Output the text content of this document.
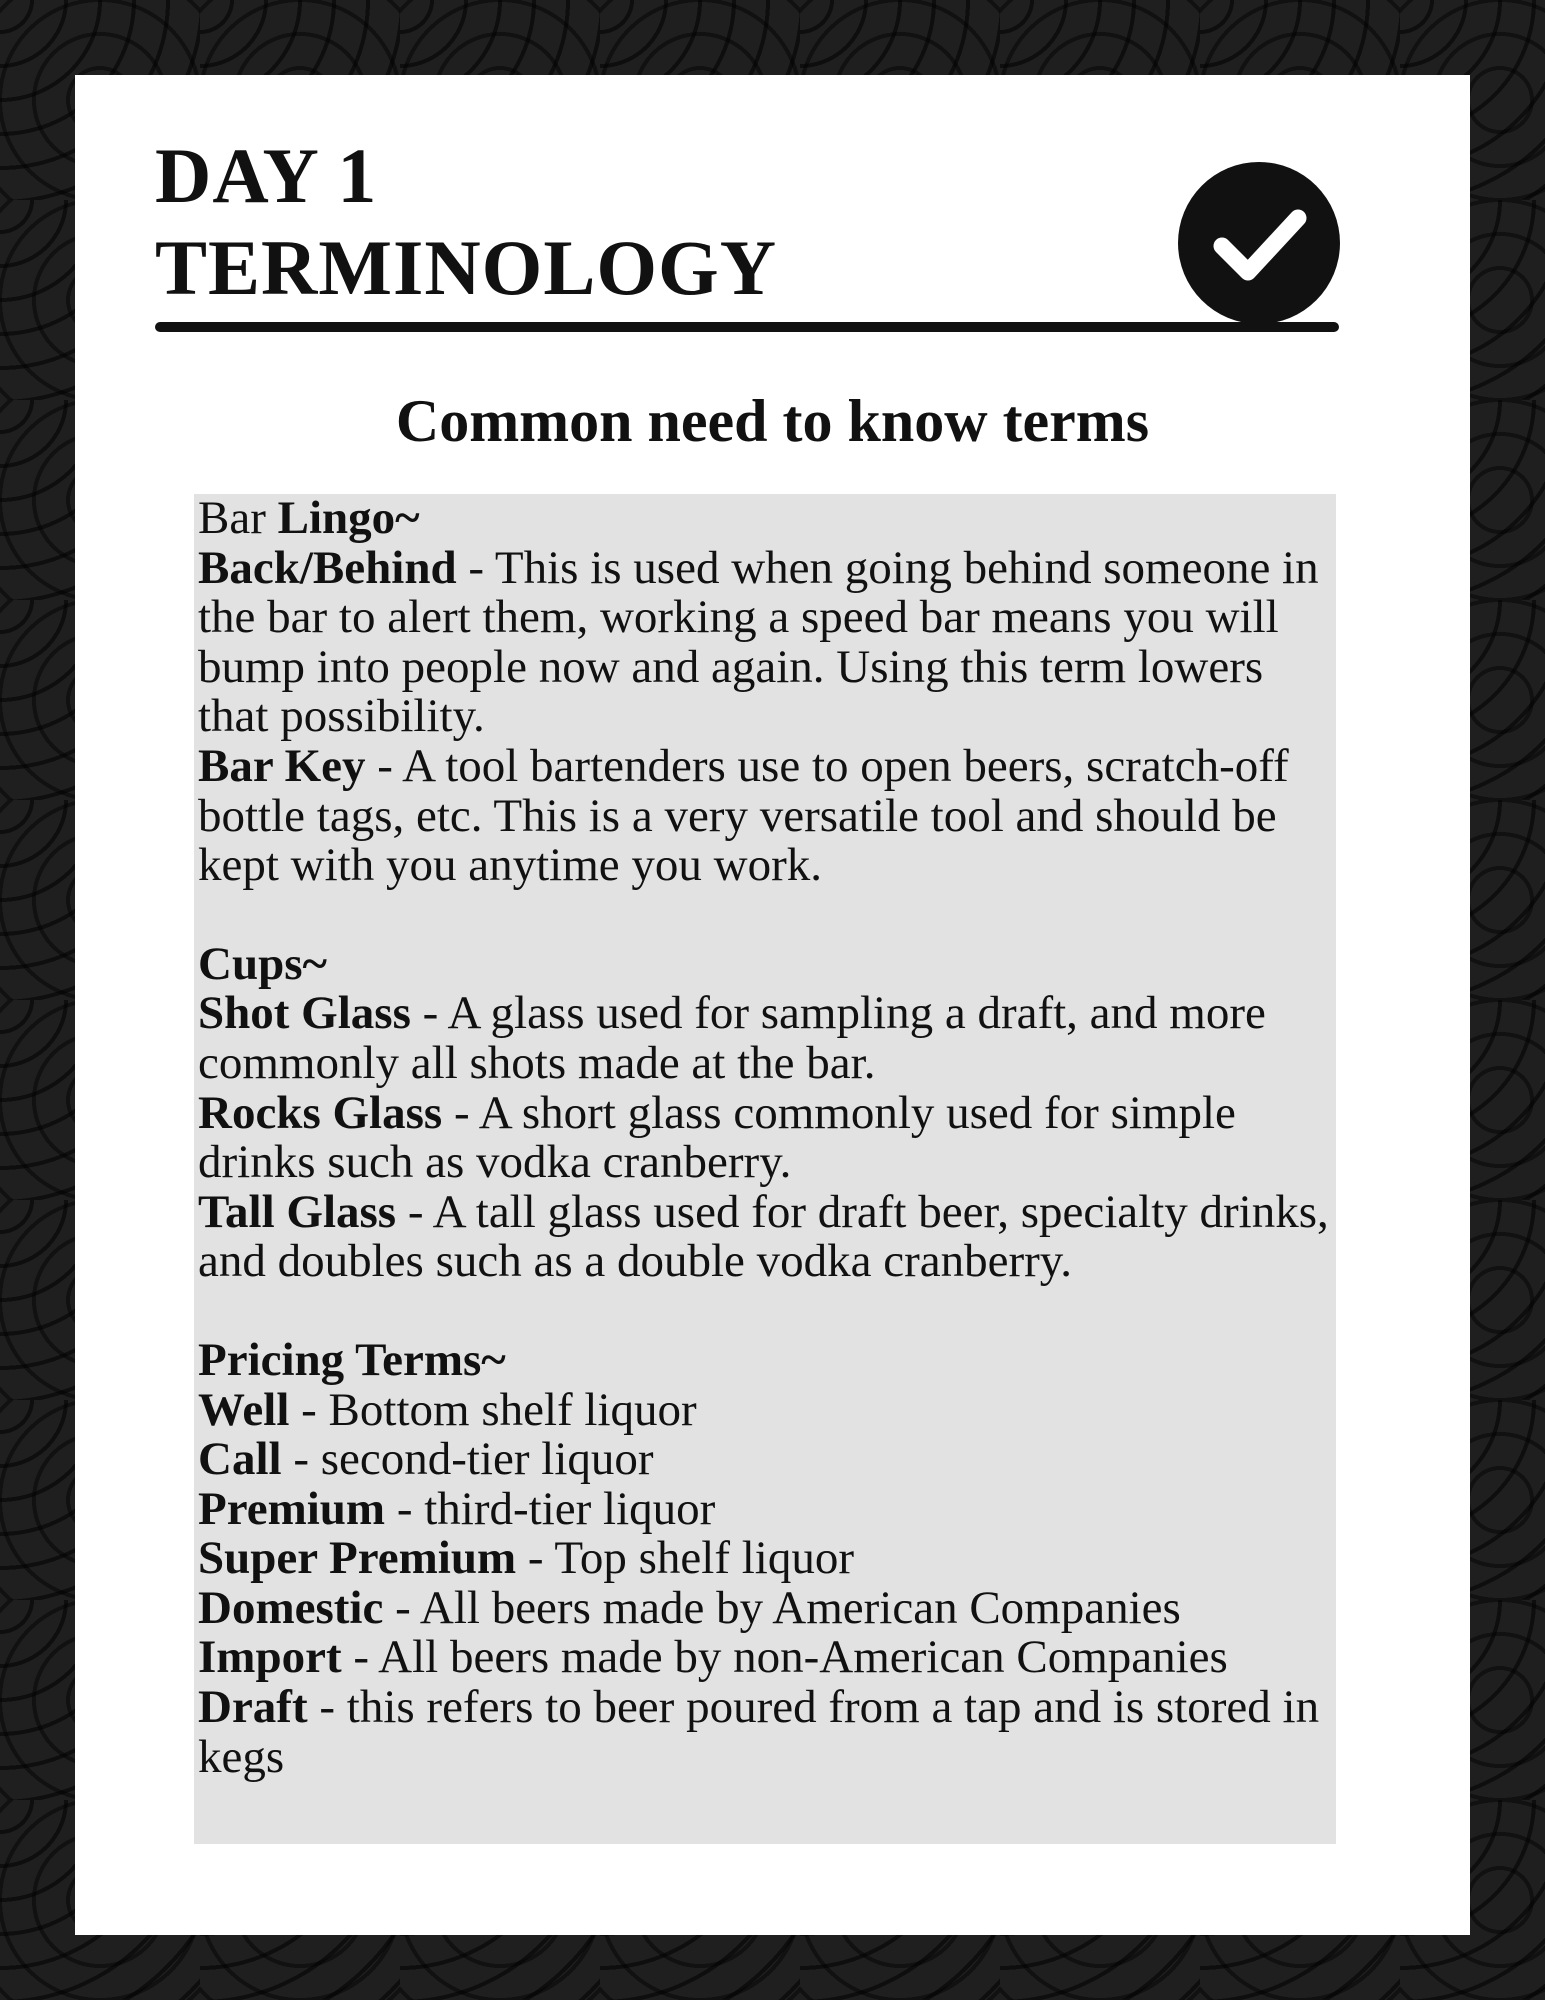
DAY 1
TERMINOLOGY
Common need to know terms
Bar Lingo~
Back/Behind - This is used when going behind someone in the bar to alert them, working a speed bar means you will bump into people now and again. Using this term lowers that possibility.
Bar Key - A tool bartenders use to open beers, scratch-off bottle tags, etc. This is a very versatile tool and should be kept with you anytime you work.
Cups~
Shot Glass - A glass used for sampling a draft, and more commonly all shots made at the bar.
Rocks Glass - A short glass commonly used for simple drinks such as vodka cranberry.
Tall Glass - A tall glass used for draft beer, specialty drinks, and doubles such as a double vodka cranberry.
Pricing Terms~
Well - Bottom shelf liquor
Call - second-tier liquor
Premium - third-tier liquor
Super Premium - Top shelf liquor
Domestic - All beers made by American Companies
Import - All beers made by non-American Companies
Draft - this refers to beer poured from a tap and is stored in kegs
